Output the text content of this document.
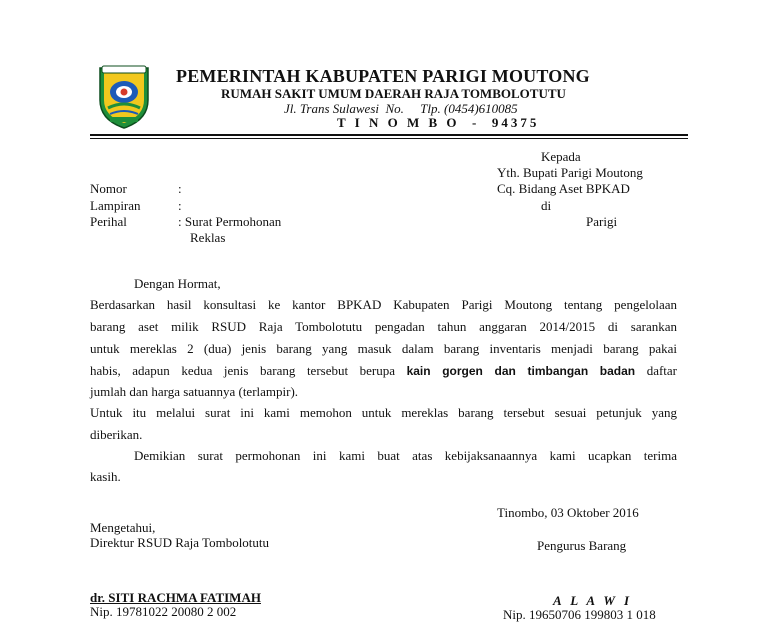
PEMERINTAH KABUPATEN PARIGI MOUTONG
RUMAH SAKIT UMUM DAERAH RAJA TOMBOLOTUTU
Jl. Trans Sulawesi  No.     Tlp. (0454)610085
T I N O M B O  -  94375
Kepada
Yth. Bupati Parigi Moutong
Cq. Bidang Aset BPKAD
di
Parigi
Nomor	:
Lampiran	:
Perihal	: Surat Permohonan
Reklas
Dengan Hormat,
Berdasarkan hasil konsultasi ke kantor BPKAD Kabupaten Parigi Moutong tentang pengelolaan
barang aset milik RSUD Raja Tombolotutu pengadan tahun anggaran 2014/2015 di sarankan
untuk mereklas 2 (dua) jenis barang yang masuk dalam barang inventaris menjadi barang pakai
habis, adapun kedua jenis barang tersebut berupa kain gorgen dan timbangan badan daftar
jumlah dan harga satuannya (terlampir).
Untuk itu melalui surat ini kami memohon untuk mereklas barang tersebut sesuai petunjuk yang
diberikan.
Demikian surat permohonan ini kami buat atas kebijaksanaannya kami ucapkan terima
kasih.
Tinombo, 03 Oktober 2016
Mengetahui,
Direktur RSUD Raja Tombolotutu	Pengurus Barang
dr. SITI RACHMA FATIMAH
Nip. 19781022 20080 2 002
A L A W I
Nip. 19650706 199803 1 018
